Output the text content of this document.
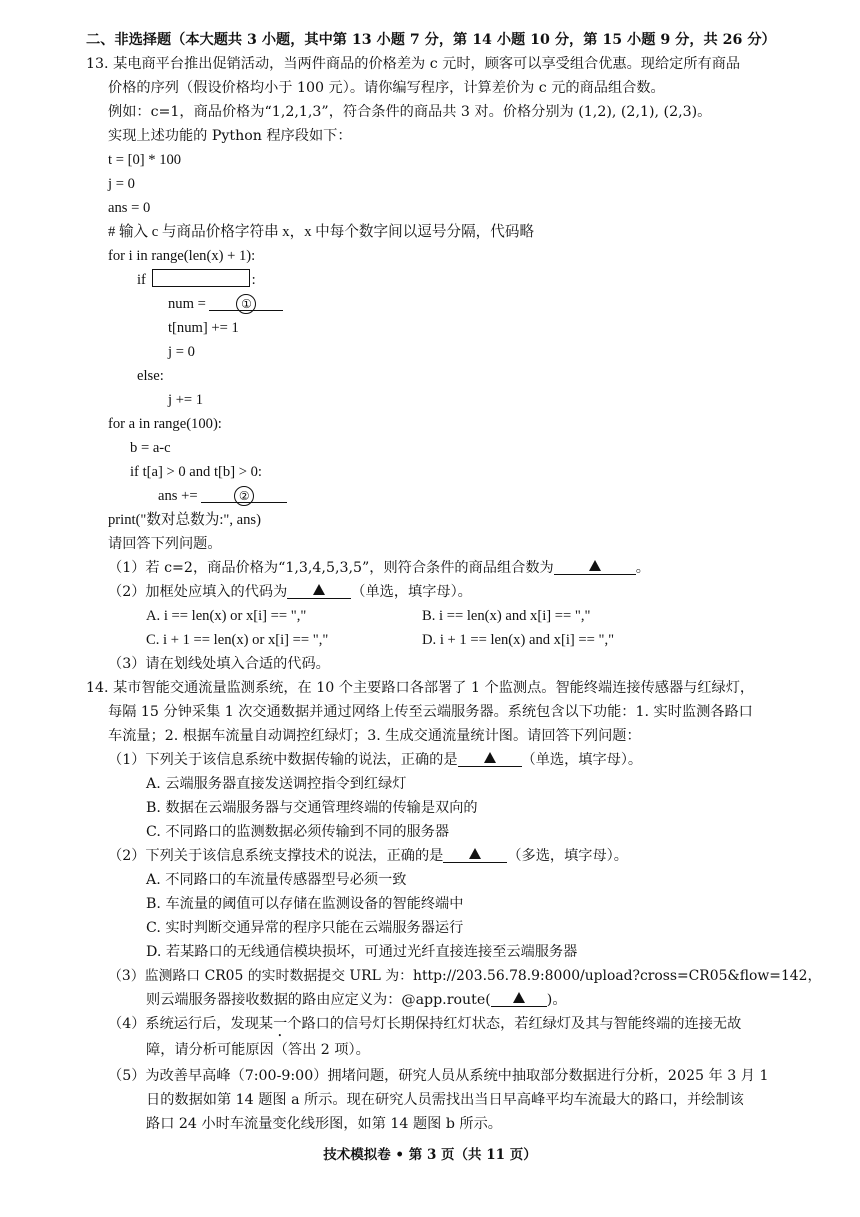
二、非选择题（本大题共 3 小题，其中第 13 小题 7 分，第 14 小题 10 分，第 15 小题 9 分，共 26 分）
13. 某电商平台推出促销活动，当两件商品的价格差为 c 元时，顾客可以享受组合优惠。现给定所有商品
价格的序列（假设价格均小于 100 元）。请你编写程序，计算差价为 c 元的商品组合数。
例如：c=1，商品价格为“1,2,1,3”，符合条件的商品共 3 对。价格分别为 (1,2), (2,1), (2,3)。
实现上述功能的 Python 程序段如下：
t = [0] * 100
j = 0
ans = 0
# 输入 c 与商品价格字符串 x，x 中每个数字间以逗号分隔，代码略
for i in range(len(x) + 1):
if	:
num =	①
t[num] += 1
j = 0
else:
j += 1
for a in range(100):
b = a-c
if t[a] > 0 and t[b] > 0:
ans +=	②
print("数对总数为:", ans)
请回答下列问题。
（1）若 c=2，商品价格为“1,3,4,5,3,5”，则符合条件的商品组合数为	。
（2）加框处应填入的代码为	（单选，填字母）。
A. i == len(x) or x[i] == ","	B. i == len(x) and x[i] == ","
C. i + 1 == len(x) or x[i] == ","	D. i + 1 == len(x) and x[i] == ","
（3）请在划线处填入合适的代码。
14. 某市智能交通流量监测系统，在 10 个主要路口各部署了 1 个监测点。智能终端连接传感器与红绿灯，
每隔 15 分钟采集 1 次交通数据并通过网络上传至云端服务器。系统包含以下功能：1. 实时监测各路口
车流量；2. 根据车流量自动调控红绿灯；3. 生成交通流量统计图。请回答下列问题：
（1）下列关于该信息系统中数据传输的说法，正确的是	（单选，填字母）。
A. 云端服务器直接发送调控指令到红绿灯
B. 数据在云端服务器与交通管理终端的传输是双向的
C. 不同路口的监测数据必须传输到不同的服务器
（2）下列关于该信息系统支撑技术的说法，正确的是	（多选，填字母）。
A. 不同路口的车流量传感器型号必须一致
B. 车流量的阈值可以存储在监测设备的智能终端中
C. 实时判断交通异常的程序只能在云端服务器运行
D. 若某路口的无线通信模块损坏，可通过光纤直接连接至云端服务器
（3）监测路口 CR05 的实时数据提交 URL 为：http://203.56.78.9:8000/upload?cross=CR05&flow=142，
则云端服务器接收数据的路由应定义为：@app.route(	)。
（4）系统运行后，发现某一个路口的信号灯长期保持红灯状态，若红绿灯及其与智能终端的连接无故
障，请分析可能原因（答出 2 项）。
（5）为改善早高峰（7:00-9:00）拥堵问题，研究人员从系统中抽取部分数据进行分析，2025 年 3 月 1
日的数据如第 14 题图 a 所示。现在研究人员需找出当日早高峰平均车流最大的路口，并绘制该
路口 24 小时车流量变化线形图，如第 14 题图 b 所示。
技术模拟卷 • 第 3 页（共 11 页）
